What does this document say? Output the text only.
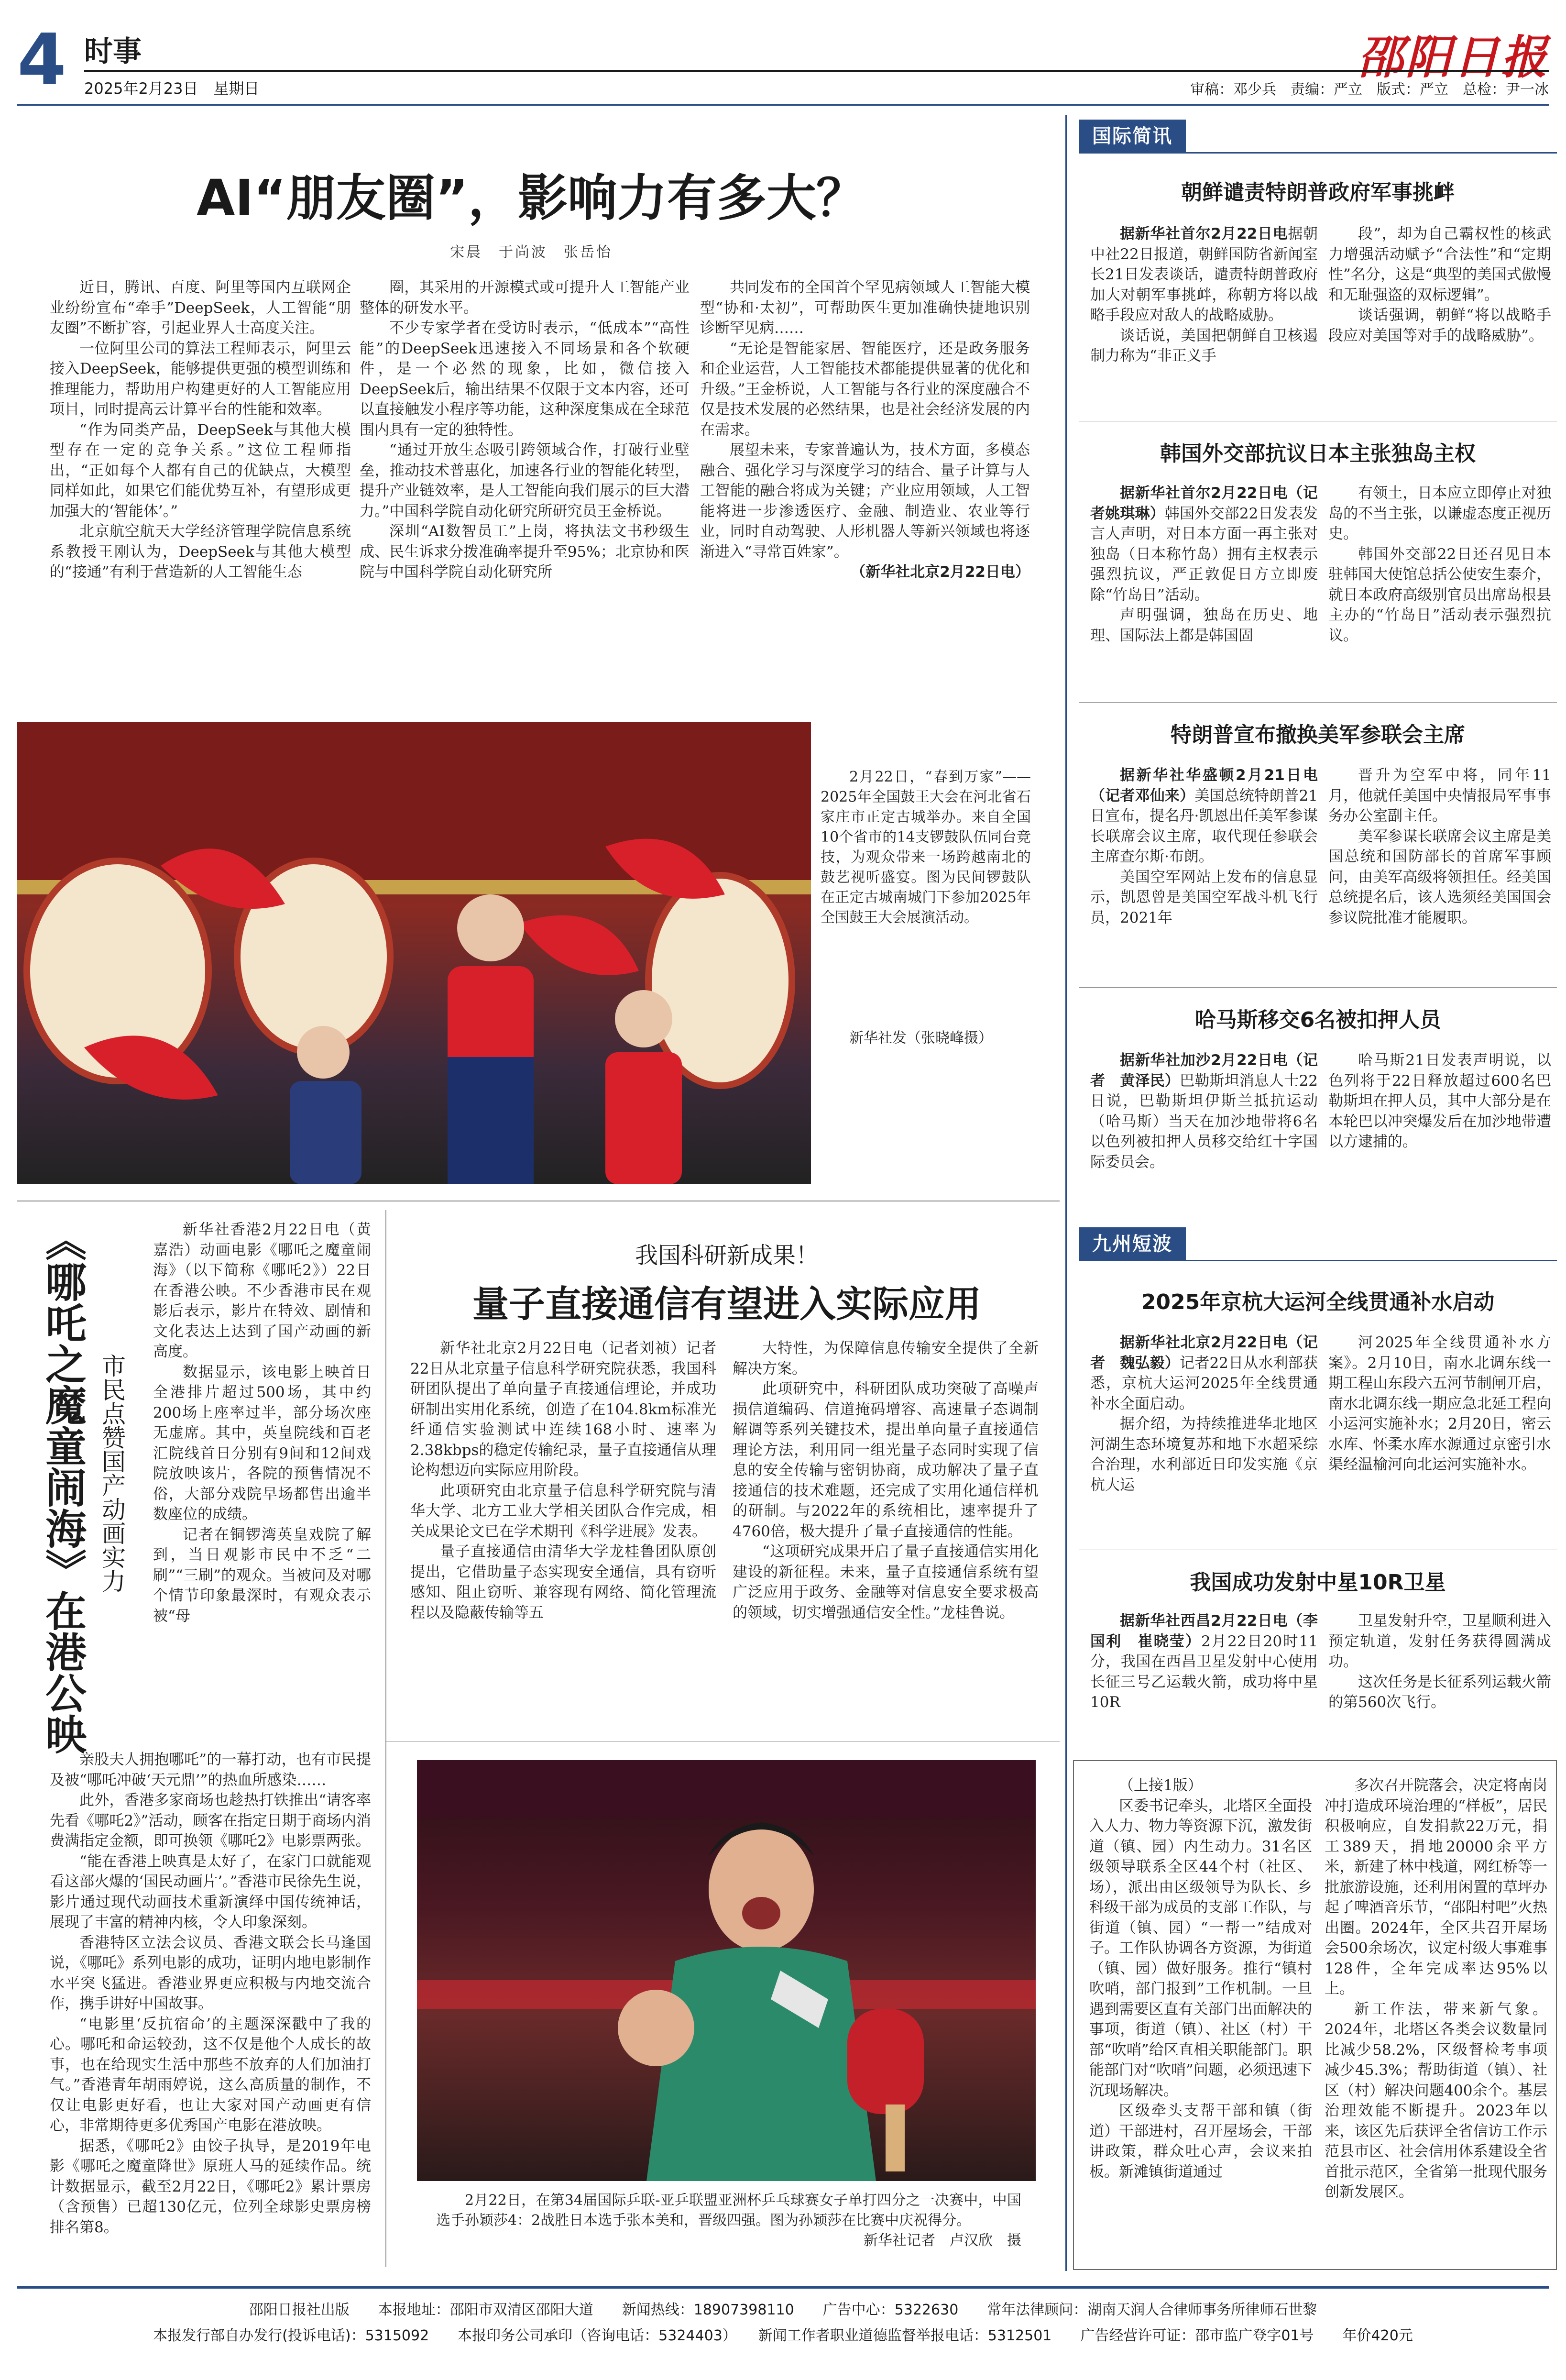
4 时事
2025年2月23日　星期日
邵阳日报
审稿：邓少兵　责编：严立　版式：严立　总检：尹一冰
AI“朋友圈”，影响力有多大？
宋晨　于尚波　张岳怡

近日，腾讯、百度、阿里等国内互联网企业纷纷宣布“牵手”DeepSeek，人工智能“朋友圈”不断扩容，引起业界人士高度关注。

一位阿里公司的算法工程师表示，阿里云接入DeepSeek，能够提供更强的模型训练和推理能力，帮助用户构建更好的人工智能应用项目，同时提高云计算平台的性能和效率。

“作为同类产品，DeepSeek与其他大模型存在一定的竞争关系。”这位工程师指出，“正如每个人都有自己的优缺点，大模型同样如此，如果它们能优势互补，有望形成更加强大的‘智能体’。”

北京航空航天大学经济管理学院信息系统系教授王刚认为，DeepSeek与其他大模型的“接通”有利于营造新的人工智能生态

圈，其采用的开源模式或可提升人工智能产业整体的研发水平。

不少专家学者在受访时表示，“低成本”“高性能”的DeepSeek迅速接入不同场景和各个软硬件，是一个必然的现象，比如，微信接入DeepSeek后，输出结果不仅限于文本内容，还可以直接触发小程序等功能，这种深度集成在全球范围内具有一定的独特性。

“通过开放生态吸引跨领域合作，打破行业壁垒，推动技术普惠化，加速各行业的智能化转型，提升产业链效率，是人工智能向我们展示的巨大潜力。”中国科学院自动化研究所研究员王金桥说。

深圳“AI数智员工”上岗，将执法文书秒级生成、民生诉求分拨准确率提升至95%；北京协和医院与中国科学院自动化研究所

共同发布的全国首个罕见病领域人工智能大模型“协和·太初”，可帮助医生更加准确快捷地识别诊断罕见病……

“无论是智能家居、智能医疗，还是政务服务和企业运营，人工智能技术都能提供显著的优化和升级。”王金桥说，人工智能与各行业的深度融合不仅是技术发展的必然结果，也是社会经济发展的内在需求。

展望未来，专家普遍认为，技术方面，多模态融合、强化学习与深度学习的结合、量子计算与人工智能的融合将成为关键；产业应用领域，人工智能将进一步渗透医疗、金融、制造业、农业等行业，同时自动驾驶、人形机器人等新兴领域也将逐渐进入“寻常百姓家”。

（新华社北京2月22日电）

2月22日，“春到万家”——2025年全国鼓王大会在河北省石家庄市正定古城举办。来自全国10个省市的14支锣鼓队伍同台竞技，为观众带来一场跨越南北的鼓艺视听盛宴。图为民间锣鼓队在正定古城南城门下参加2025年全国鼓王大会展演活动。
新华社发（张晓峰摄）
《哪吒之魔童闹海》在港公映 市民点赞国产动画实力

新华社香港2月22日电（黄嘉浩）动画电影《哪吒之魔童闹海》（以下简称《哪吒2》）22日在香港公映。不少香港市民在观影后表示，影片在特效、剧情和文化表达上达到了国产动画的新高度。

数据显示，该电影上映首日全港排片超过500场，其中约200场上座率过半，部分场次座无虚席。其中，英皇院线和百老汇院线首日分别有9间和12间戏院放映该片，各院的预售情况不俗，大部分戏院早场都售出逾半数座位的成绩。

记者在铜锣湾英皇戏院了解到，当日观影市民中不乏“二刷”“三刷”的观众。当被问及对哪个情节印象最深时，有观众表示被“母

亲股夫人拥抱哪吒”的一幕打动，也有市民提及被“哪吒冲破‘天元鼎’”的热血所感染……

此外，香港多家商场也趁热打铁推出“请客率先看《哪吒2》”活动，顾客在指定日期于商场内消费满指定金额，即可换领《哪吒2》电影票两张。

“能在香港上映真是太好了，在家门口就能观看这部火爆的‘国民动画片’。”香港市民徐先生说，影片通过现代动画技术重新演绎中国传统神话，展现了丰富的精神内核，令人印象深刻。

香港特区立法会议员、香港文联会长马逢国说，《哪吒》系列电影的成功，证明内地电影制作水平突飞猛进。香港业界更应积极与内地交流合作，携手讲好中国故事。

“电影里‘反抗宿命’的主题深深戳中了我的心。哪吒和命运较劲，这不仅是他个人成长的故事，也在给现实生活中那些不放弃的人们加油打气。”香港青年胡雨婷说，这么高质量的制作，不仅让电影更好看，也让大家对国产动画更有信心，非常期待更多优秀国产电影在港放映。

据悉，《哪吒2》由饺子执导，是2019年电影《哪吒之魔童降世》原班人马的延续作品。统计数据显示，截至2月22日，《哪吒2》累计票房（含预售）已超130亿元，位列全球影史票房榜排名第8。

我国科研新成果！
量子直接通信有望进入实际应用

新华社北京2月22日电（记者刘祯）记者22日从北京量子信息科学研究院获悉，我国科研团队提出了单向量子直接通信理论，并成功研制出实用化系统，创造了在104.8km标准光纤通信实验测试中连续168小时、速率为2.38kbps的稳定传输纪录，量子直接通信从理论构想迈向实际应用阶段。

此项研究由北京量子信息科学研究院与清华大学、北方工业大学相关团队合作完成，相关成果论文已在学术期刊《科学进展》发表。

量子直接通信由清华大学龙桂鲁团队原创提出，它借助量子态实现安全通信，具有窃听感知、阻止窃听、兼容现有网络、简化管理流程以及隐蔽传输等五

大特性，为保障信息传输安全提供了全新解决方案。

此项研究中，科研团队成功突破了高噪声损信道编码、信道掩码增容、高速量子态调制解调等系列关键技术，提出单向量子直接通信理论方法，利用同一组光量子态同时实现了信息的安全传输与密钥协商，成功解决了量子直接通信的技术难题，还完成了实用化通信样机的研制。与2022年的系统相比，速率提升了4760倍，极大提升了量子直接通信的性能。

“这项研究成果开启了量子直接通信实用化建设的新征程。未来，量子直接通信系统有望广泛应用于政务、金融等对信息安全要求极高的领域，切实增强通信安全性。”龙桂鲁说。

2月22日，在第34届国际乒联-亚乒联盟亚洲杯乒乓球赛女子单打四分之一决赛中，中国选手孙颖莎4：2战胜日本选手张本美和，晋级四强。图为孙颖莎在比赛中庆祝得分。
新华社记者　卢汉欣　摄
国际简讯
朝鲜谴责特朗普政府军事挑衅

据新华社首尔2月22日电据朝中社22日报道，朝鲜国防省新闻室长21日发表谈话，谴责特朗普政府加大对朝军事挑衅，称朝方将以战略手段应对敌人的战略威胁。

谈话说，美国把朝鲜自卫核遏制力称为“非正义手

段”，却为自己霸权性的核武力增强活动赋予“合法性”和“定期性”名分，这是“典型的美国式傲慢和无耻强盗的双标逻辑”。

谈话强调，朝鲜“将以战略手段应对美国等对手的战略威胁”。

韩国外交部抗议日本主张独岛主权

据新华社首尔2月22日电（记者姚琪琳）韩国外交部22日发表发言人声明，对日本方面一再主张对独岛（日本称竹岛）拥有主权表示强烈抗议，严正敦促日方立即废除“竹岛日”活动。

声明强调，独岛在历史、地理、国际法上都是韩国固

有领土，日本应立即停止对独岛的不当主张，以谦虚态度正视历史。

韩国外交部22日还召见日本驻韩国大使馆总括公使安生泰介，就日本政府高级别官员出席岛根县主办的“竹岛日”活动表示强烈抗议。

特朗普宣布撤换美军参联会主席

据新华社华盛顿2月21日电（记者邓仙来）美国总统特朗普21日宣布，提名丹·凯恩出任美军参谋长联席会议主席，取代现任参联会主席查尔斯·布朗。

美国空军网站上发布的信息显示，凯恩曾是美国空军战斗机飞行员，2021年

晋升为空军中将，同年11月，他就任美国中央情报局军事事务办公室副主任。

美军参谋长联席会议主席是美国总统和国防部长的首席军事顾问，由美军高级将领担任。经美国总统提名后，该人选须经美国国会参议院批准才能履职。

哈马斯移交6名被扣押人员

据新华社加沙2月22日电（记者　黄泽民）巴勒斯坦消息人士22日说，巴勒斯坦伊斯兰抵抗运动（哈马斯）当天在加沙地带将6名以色列被扣押人员移交给红十字国际委员会。

哈马斯21日发表声明说，以色列将于22日释放超过600名巴勒斯坦在押人员，其中大部分是在本轮巴以冲突爆发后在加沙地带遭以方逮捕的。

九州短波
2025年京杭大运河全线贯通补水启动

据新华社北京2月22日电（记者　魏弘毅）记者22日从水利部获悉，京杭大运河2025年全线贯通补水全面启动。

据介绍，为持续推进华北地区河湖生态环境复苏和地下水超采综合治理，水利部近日印发实施《京杭大运

河2025年全线贯通补水方案》。2月10日，南水北调东线一期工程山东段六五河节制闸开启，南水北调东线一期应急北延工程向小运河实施补水；2月20日，密云水库、怀柔水库水源通过京密引水渠经温榆河向北运河实施补水。

我国成功发射中星10R卫星

据新华社西昌2月22日电（李国利　崔晓莹）2月22日20时11分，我国在西昌卫星发射中心使用长征三号乙运载火箭，成功将中星10R

卫星发射升空，卫星顺利进入预定轨道，发射任务获得圆满成功。

这次任务是长征系列运载火箭的第560次飞行。

（上接1版）

区委书记牵头，北塔区全面投入人力、物力等资源下沉，激发街道（镇、园）内生动力。31名区级领导联系全区44个村（社区、场），派出由区级领导为队长、乡科级干部为成员的支部工作队，与街道（镇、园）“一帮一”结成对子。工作队协调各方资源，为街道（镇、园）做好服务。推行“镇村吹哨，部门报到”工作机制。一旦遇到需要区直有关部门出面解决的事项，街道（镇）、社区（村）干部“吹哨”给区直相关职能部门。职能部门对“吹哨”问题，必须迅速下沉现场解决。

区级牵头支帮干部和镇（街道）干部进村，召开屋场会，干部讲政策，群众吐心声，会议来拍板。新滩镇街道通过

多次召开院落会，决定将南岗冲打造成环境治理的“样板”，居民积极响应，自发捐款22万元，捐工389天，捐地20000余平方米，新建了林中栈道，网红桥等一批旅游设施，还利用闲置的草坪办起了啤酒音乐节，“邵阳村吧”火热出圈。2024年，全区共召开屋场会500余场次，议定村级大事难事128件，全年完成率达95%以上。

新工作法，带来新气象。2024年，北塔区各类会议数量同比减少58.2%，区级督检考事项减少45.3%；帮助街道（镇）、社区（村）解决问题400余个。基层治理效能不断提升。2023年以来，该区先后获评全省信访工作示范县市区、社会信用体系建设全省首批示范区，全省第一批现代服务创新发展区。

邵阳日报社出版　　本报地址：邵阳市双清区邵阳大道　　新闻热线：18907398110　　广告中心：5322630　　常年法律顾问：湖南天润人合律师事务所律师石世黎
本报发行部自办发行(投诉电话)：5315092　　本报印务公司承印（咨询电话：5324403）　　新闻工作者职业道德监督举报电话：5312501　　广告经营许可证：邵市监广登字01号　　年价420元
